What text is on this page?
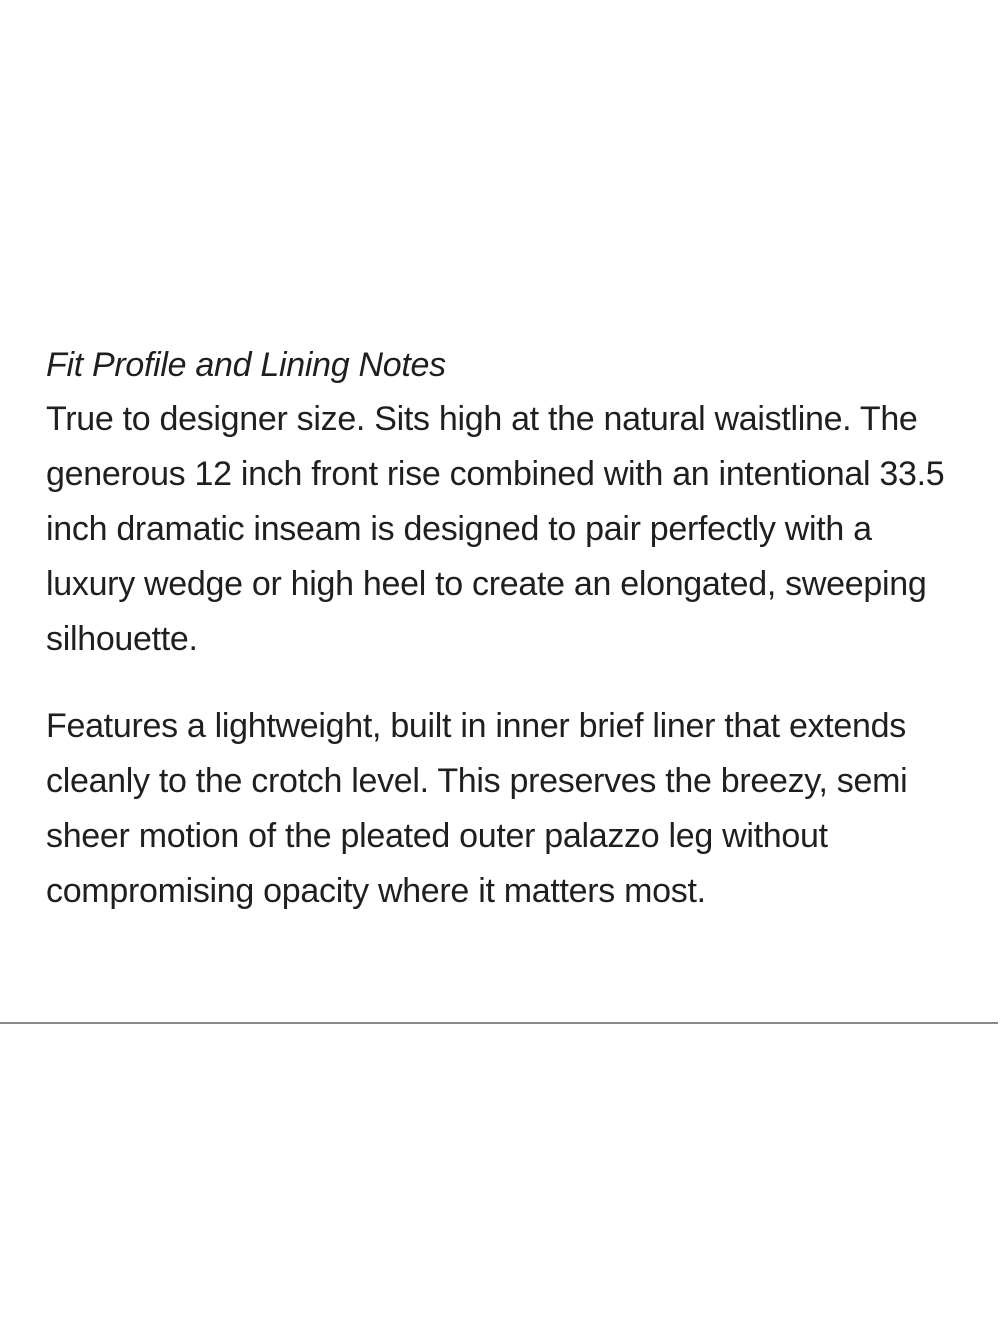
Fit Profile and Lining Notes

True to designer size. Sits high at the natural waistline. The generous 12 inch front rise combined with an intentional 33.5 inch dramatic inseam is designed to pair perfectly with a luxury wedge or high heel to create an elongated, sweeping silhouette.

Features a lightweight, built in inner brief liner that extends cleanly to the crotch level. This preserves the breezy, semi sheer motion of the pleated outer palazzo leg without compromising opacity where it matters most.
